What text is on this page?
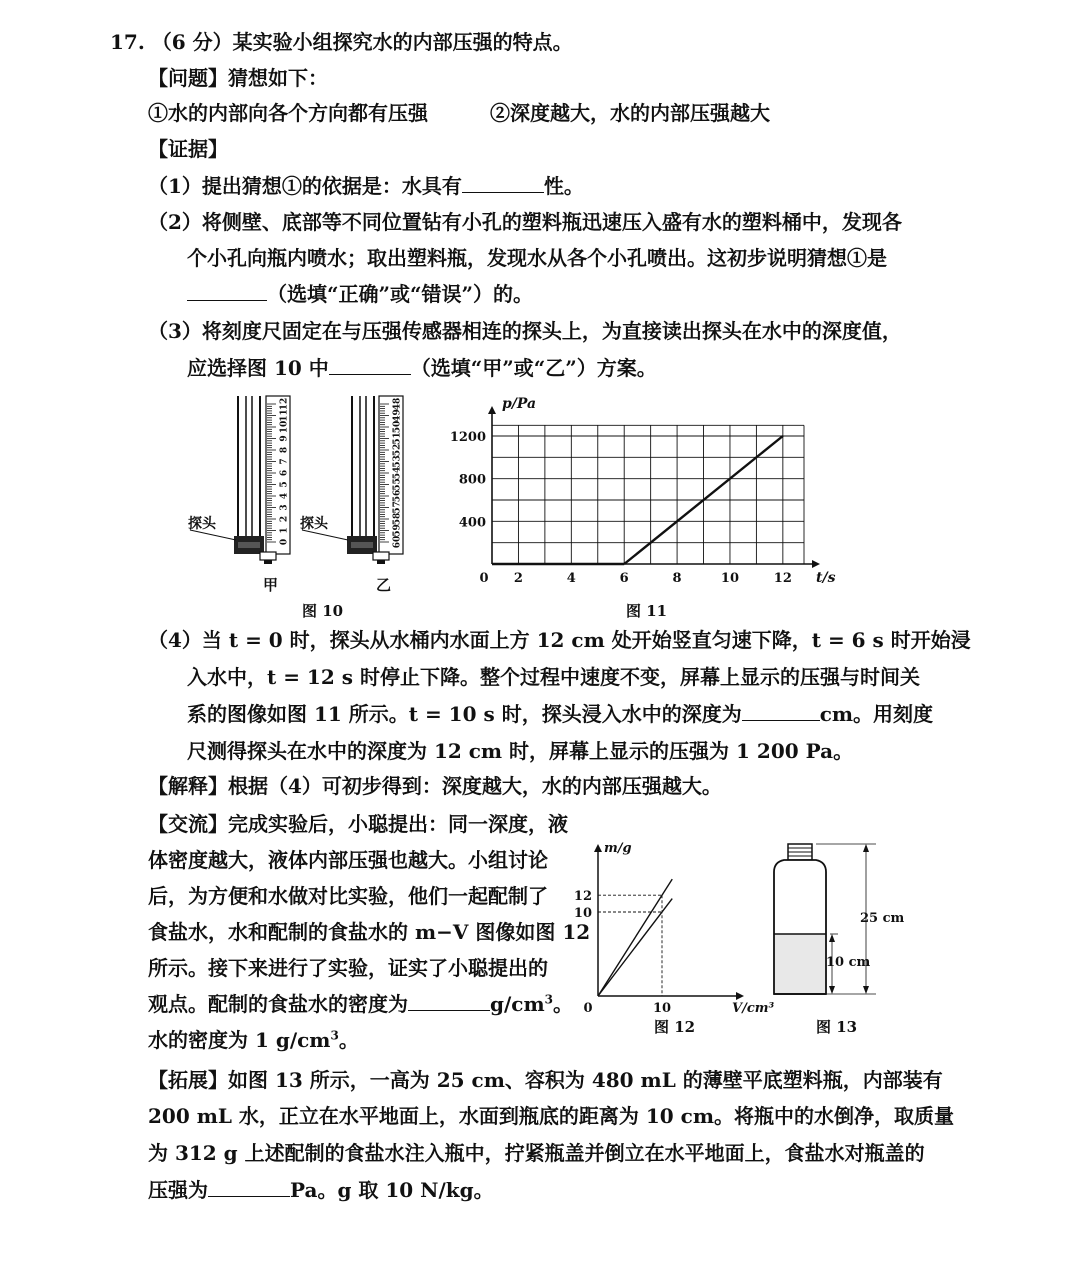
17. （6 分）某实验小组探究水的内部压强的特点。
【问题】猜想如下：
①水的内部向各个方向都有压强	②深度越大，水的内部压强越大
【证据】
（1）提出猜想①的依据是：水具有	性。
（2）将侧壁、底部等不同位置钻有小孔的塑料瓶迅速压入盛有水的塑料桶中，发现各
个小孔向瓶内喷水；取出塑料瓶，发现水从各个小孔喷出。这初步说明猜想①是
（选填“正确”或“错误”）的。
（3）将刻度尺固定在与压强传感器相连的探头上，为直接读出探头在水中的深度值，
应选择图 10 中	（选填“甲”或“乙”）方案。
12
11
10
9
8
7
6
5
4
3
2
1
0
探头
甲
48
49
50
51
52
53
54
55
56
57
58
59
60
探头
乙
图 10
0 2	4	6	8	10	12
400
800
1200
p/Pa
t/s
图 11
（4）当 t = 0 时，探头从水桶内水面上方 12 cm 处开始竖直匀速下降，t = 6 s 时开始浸
入水中，t = 12 s 时停止下降。整个过程中速度不变，屏幕上显示的压强与时间关
系的图像如图 11 所示。t = 10 s 时，探头浸入水中的深度为	cm。用刻度
尺测得探头在水中的深度为 12 cm 时，屏幕上显示的压强为 1 200 Pa。
【解释】根据（4）可初步得到：深度越大，水的内部压强越大。
【交流】完成实验后，小聪提出：同一深度，液
体密度越大，液体内部压强也越大。小组讨论
后，为方便和水做对比实验，他们一起配制了
食盐水，水和配制的食盐水的 m−V 图像如图 12
所示。接下来进行了实验，证实了小聪提出的
观点。配制的食盐水的密度为	$g/cm^3$。
水的密度为 1 $g/cm^3$。
10
12
0	10
m/g
V/cm³
图 12
25 cm
10 cm
图 13
【拓展】如图 13 所示，一高为 25 cm、容积为 480 mL 的薄壁平底塑料瓶，内部装有
200 mL 水，正立在水平地面上，水面到瓶底的距离为 10 cm。将瓶中的水倒净，取质量
为 312 g 上述配制的食盐水注入瓶中，拧紧瓶盖并倒立在水平地面上，食盐水对瓶盖的
压强为	Pa。g 取 10 N/kg。
